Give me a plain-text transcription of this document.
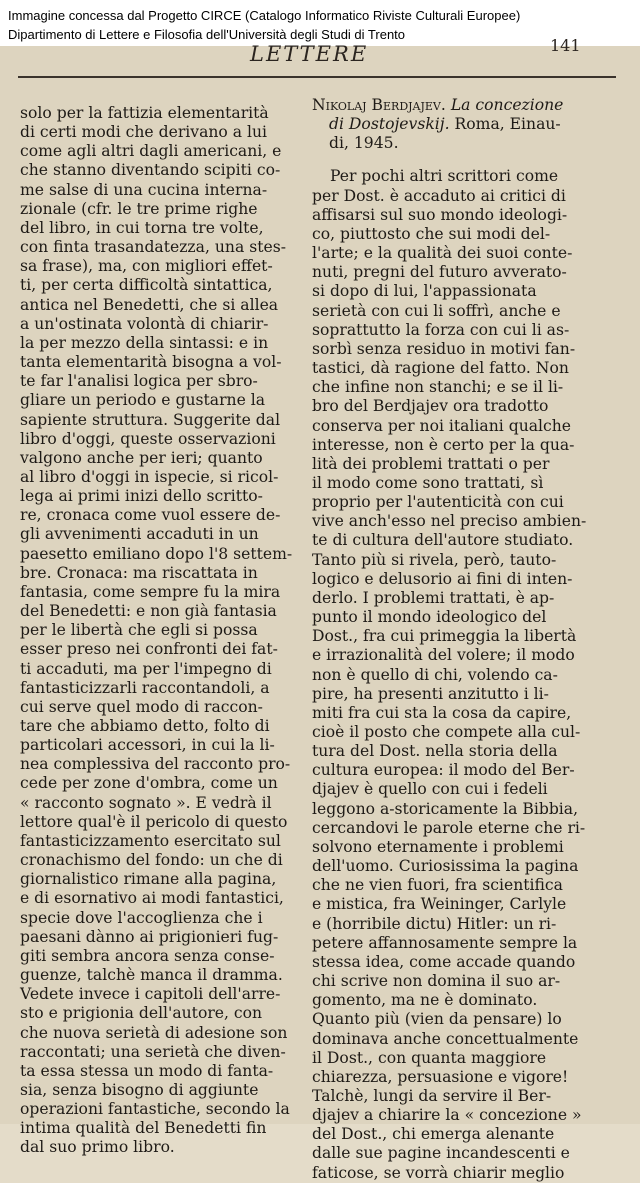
Immagine concessa dal Progetto CIRCE (Catalogo Informatico Riviste Culturali Europee)
Dipartimento di Lettere e Filosofia dell'Università degli Studi di Trento
LETTERE	141
solo per la fattizia elementarità
di certi modi che derivano a lui
come agli altri dagli americani, e
che stanno diventando scipiti co-
me salse di una cucina interna-
zionale (cfr. le tre prime righe
del libro, in cui torna tre volte,
con finta trasandatezza, una stes-
sa frase), ma, con migliori effet-
ti, per certa difficoltà sintattica,
antica nel Benedetti, che si allea
a un'ostinata volontà di chiarir-
la per mezzo della sintassi: e in
tanta elementarità bisogna a vol-
te far l'analisi logica per sbro-
gliare un periodo e gustarne la
sapiente struttura. Suggerite dal
libro d'oggi, queste osservazioni
valgono anche per ieri; quanto
al libro d'oggi in ispecie, si ricol-
lega ai primi inizi dello scritto-
re, cronaca come vuol essere de-
gli avvenimenti accaduti in un
paesetto emiliano dopo l'8 settem-
bre. Cronaca: ma riscattata in
fantasia, come sempre fu la mira
del Benedetti: e non già fantasia
per le libertà che egli si possa
esser preso nei confronti dei fat-
ti accaduti, ma per l'impegno di
fantasticizzarli raccontandoli, a
cui serve quel modo di raccon-
tare che abbiamo detto, folto di
particolari accessori, in cui la li-
nea complessiva del racconto pro-
cede per zone d'ombra, come un
« racconto sognato ». E vedrà il
lettore qual'è il pericolo di questo
fantasticizzamento esercitato sul
cronachismo del fondo: un che di
giornalistico rimane alla pagina,
e di esornativo ai modi fantastici,
specie dove l'accoglienza che i
paesani dànno ai prigionieri fug-
giti sembra ancora senza conse-
guenze, talchè manca il dramma.
Vedete invece i capitoli dell'arre-
sto e prigionia dell'autore, con
che nuova serietà di adesione son
raccontati; una serietà che diven-
ta essa stessa un modo di fanta-
sia, senza bisogno di aggiunte
operazioni fantastiche, secondo la
intima qualità del Benedetti fin
dal suo primo libro.
Nikolaj Berdjajev. La concezione
di Dostojevskij. Roma, Einau-
di, 1945.
Per pochi altri scrittori come
per Dost. è accaduto ai critici di
affisarsi sul suo mondo ideologi-
co, piuttosto che sui modi del-
l'arte; e la qualità dei suoi conte-
nuti, pregni del futuro avverato-
si dopo di lui, l'appassionata
serietà con cui li soffrì, anche e
soprattutto la forza con cui li as-
sorbì senza residuo in motivi fan-
tastici, dà ragione del fatto. Non
che infine non stanchi; e se il li-
bro del Berdjajev ora tradotto
conserva per noi italiani qualche
interesse, non è certo per la qua-
lità dei problemi trattati o per
il modo come sono trattati, sì
proprio per l'autenticità con cui
vive anch'esso nel preciso ambien-
te di cultura dell'autore studiato.
Tanto più si rivela, però, tauto-
logico e delusorio ai fini di inten-
derlo. I problemi trattati, è ap-
punto il mondo ideologico del
Dost., fra cui primeggia la libertà
e irrazionalità del volere; il modo
non è quello di chi, volendo ca-
pire, ha presenti anzitutto i li-
miti fra cui sta la cosa da capire,
cioè il posto che compete alla cul-
tura del Dost. nella storia della
cultura europea: il modo del Ber-
djajev è quello con cui i fedeli
leggono a-storicamente la Bibbia,
cercandovi le parole eterne che ri-
solvono eternamente i problemi
dell'uomo. Curiosissima la pagina
che ne vien fuori, fra scientifica
e mistica, fra Weininger, Carlyle
e (horribile dictu) Hitler: un ri-
petere affannosamente sempre la
stessa idea, come accade quando
chi scrive non domina il suo ar-
gomento, ma ne è dominato.
Quanto più (vien da pensare) lo
dominava anche concettualmente
il Dost., con quanta maggiore
chiarezza, persuasione e vigore!
Talchè, lungi da servire il Ber-
djajev a chiarire la « concezione »
del Dost., chi emerga alenante
dalle sue pagine incandescenti e
faticose, se vorrà chiarir meglio
